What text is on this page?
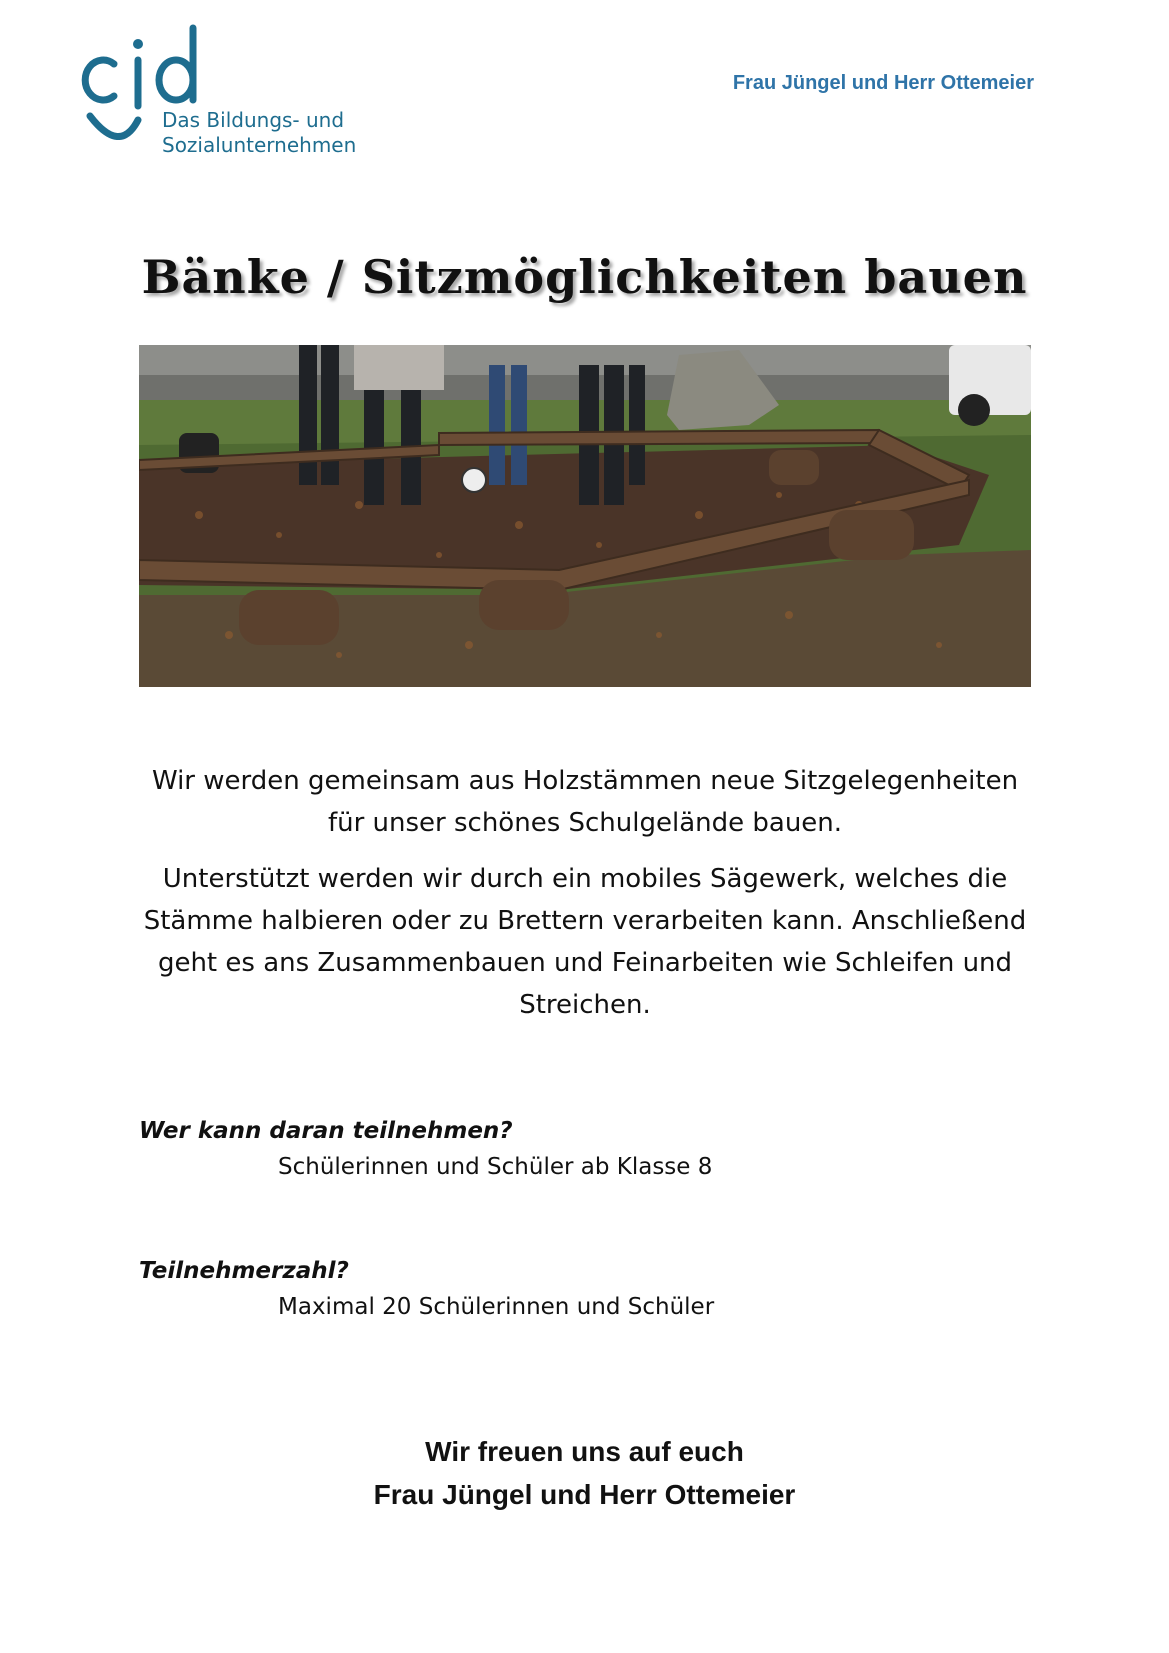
Das Bildungs- und
Sozialunternehmen
Frau Jüngel und Herr Ottemeier
Bänke / Sitzmöglichkeiten bauen

Wir werden gemeinsam aus Holzstämmen neue Sitzgelegenheiten für unser schönes Schulgelände bauen.

Unterstützt werden wir durch ein mobiles Sägewerk, welches die Stämme halbieren oder zu Brettern verarbeiten kann. Anschließend geht es ans Zusammenbauen und Feinarbeiten wie Schleifen und Streichen.

Wer kann daran teilnehmen?
Schülerinnen und Schüler ab Klasse 8
Teilnehmerzahl?
Maximal 20 Schülerinnen und Schüler
Wir freuen uns auf euch
Frau Jüngel und Herr Ottemeier
